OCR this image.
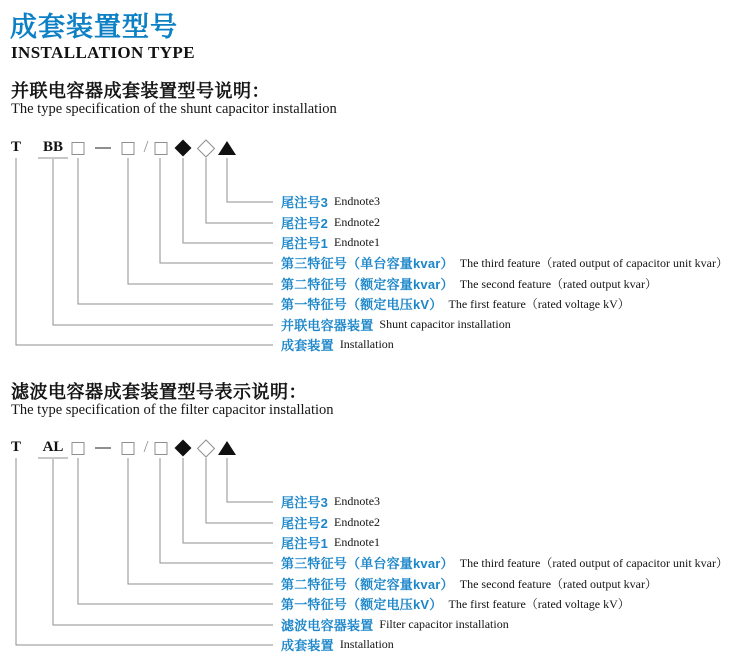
成套装置型号
INSTALLATION TYPE
并联电容器成套装置型号说明：
The type specification of the shunt capacitor installation
T BB	/
尾注号3 Endnote3
尾注号2 Endnote2
尾注号1 Endnote1
第三特征号（单台容量kvar） The third feature（rated output of capacitor unit kvar）
第二特征号（额定容量kvar） The second feature（rated output kvar）
第一特征号（额定电压kV） The first feature（rated voltage kV）
并联电容器装置 Shunt capacitor installation
成套装置 Installation
滤波电容器成套装置型号表示说明：
The type specification of the filter capacitor installation
T AL	/
尾注号3 Endnote3
尾注号2 Endnote2
尾注号1 Endnote1
第三特征号（单台容量kvar） The third feature（rated output of capacitor unit kvar）
第二特征号（额定容量kvar） The second feature（rated output kvar）
第一特征号（额定电压kV） The first feature（rated voltage kV）
滤波电容器装置 Filter capacitor installation
成套装置 Installation
